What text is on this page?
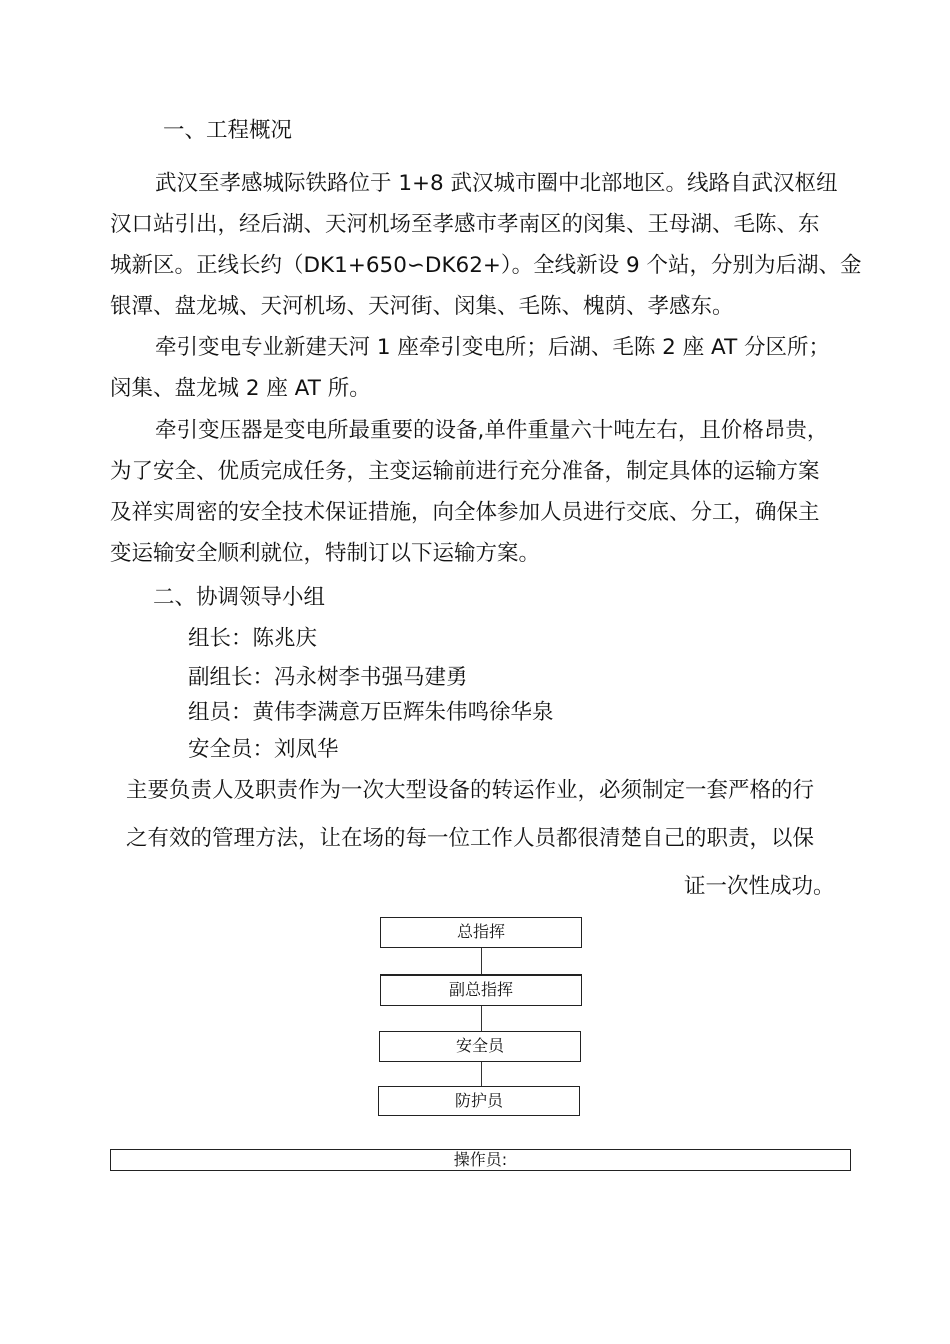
一、工程概况
武汉至孝感城际铁路位于 1+8 武汉城市圈中北部地区。线路自武汉枢纽
汉口站引出，经后湖、天河机场至孝感市孝南区的闵集、王母湖、毛陈、东
城新区。正线长约（DK1+650∽DK62+）。全线新设 9 个站，分别为后湖、金
银潭、盘龙城、天河机场、天河街、闵集、毛陈、槐荫、孝感东。
牵引变电专业新建天河 1 座牵引变电所；后湖、毛陈 2 座 AT 分区所；
闵集、盘龙城 2 座 AT 所。
牵引变压器是变电所最重要的设备,单件重量六十吨左右，且价格昂贵，
为了安全、优质完成任务，主变运输前进行充分准备，制定具体的运输方案
及祥实周密的安全技术保证措施，向全体参加人员进行交底、分工，确保主
变运输安全顺利就位，特制订以下运输方案。
二、协调领导小组
组长：陈兆庆
副组长：冯永树李书强马建勇
组员：黄伟李满意万臣辉朱伟鸣徐华泉
安全员：刘凤华
主要负责人及职责作为一次大型设备的转运作业，必须制定一套严格的行
之有效的管理方法，让在场的每一位工作人员都很清楚自己的职责，以保
证一次性成功。
总指挥
副总指挥
安全员
防护员
操作员:
